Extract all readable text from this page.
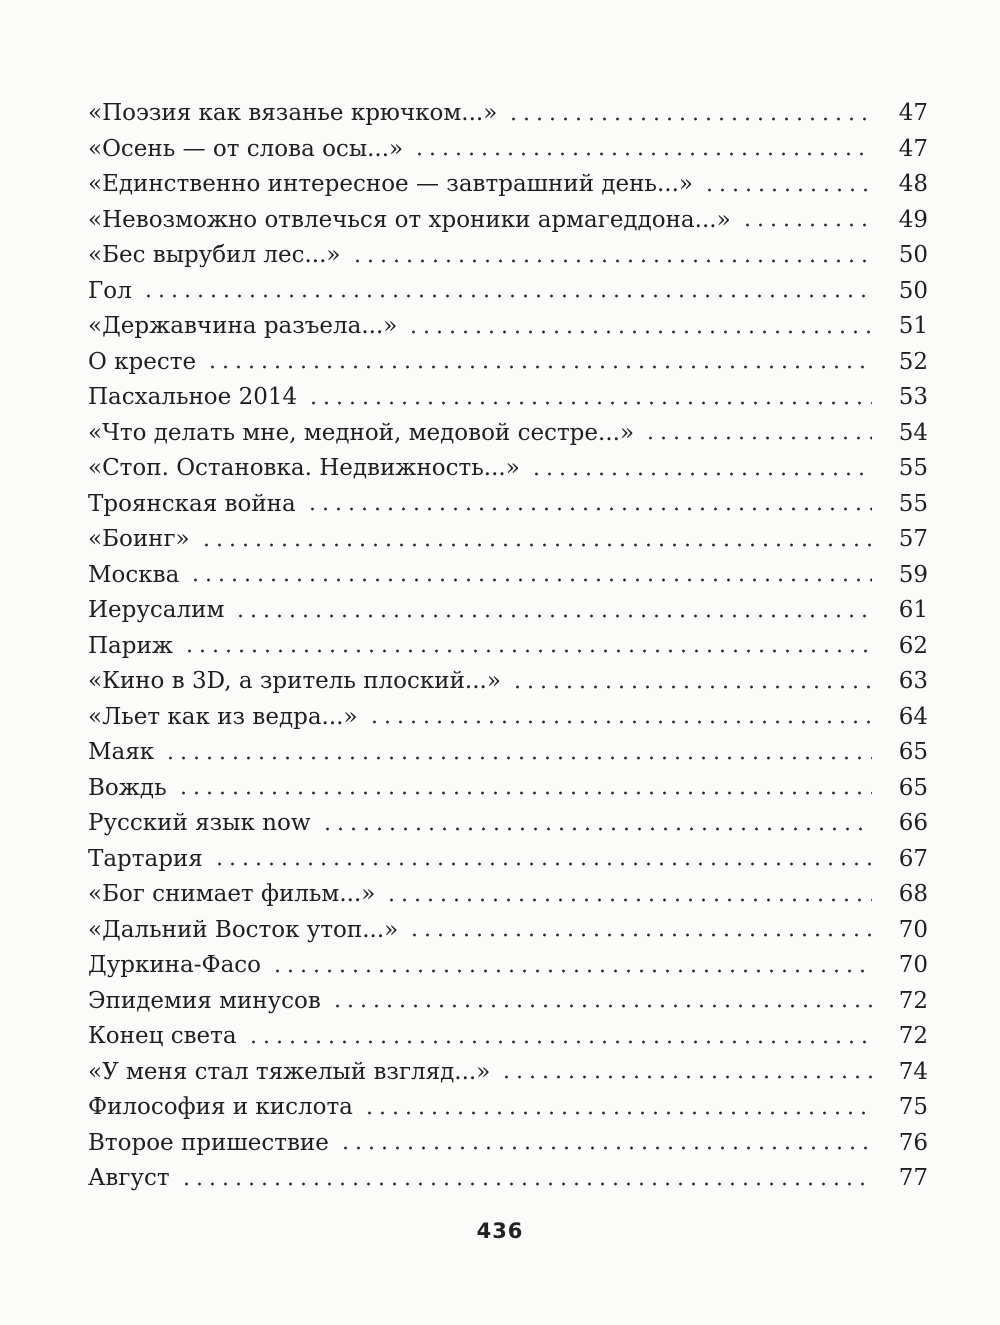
«Поэзия как вязанье крючком...»	47
«Осень — от слова осы...»	47
«Единственно интересное — завтрашний день...»	48
«Невозможно отвлечься от хроники армагеддона...»	49
«Бес вырубил лес...»	50
Гол	50
«Державчина разъела...»	51
О кресте	52
Пасхальное 2014	53
«Что делать мне, медной, медовой сестре...»	54
«Стоп. Остановка. Недвижность...»	55
Троянская война	55
«Боинг»	57
Москва	59
Иерусалим	61
Париж	62
«Кино в 3D, а зритель плоский...»	63
«Льет как из ведра...»	64
Маяк	65
Вождь	65
Русский язык now	66
Тартария	67
«Бог снимает фильм...»	68
«Дальний Восток утоп...»	70
Дуркина-Фасо	70
Эпидемия минусов	72
Конец света	72
«У меня стал тяжелый взгляд...»	74
Философия и кислота	75
Второе пришествие	76
Август	77
436
